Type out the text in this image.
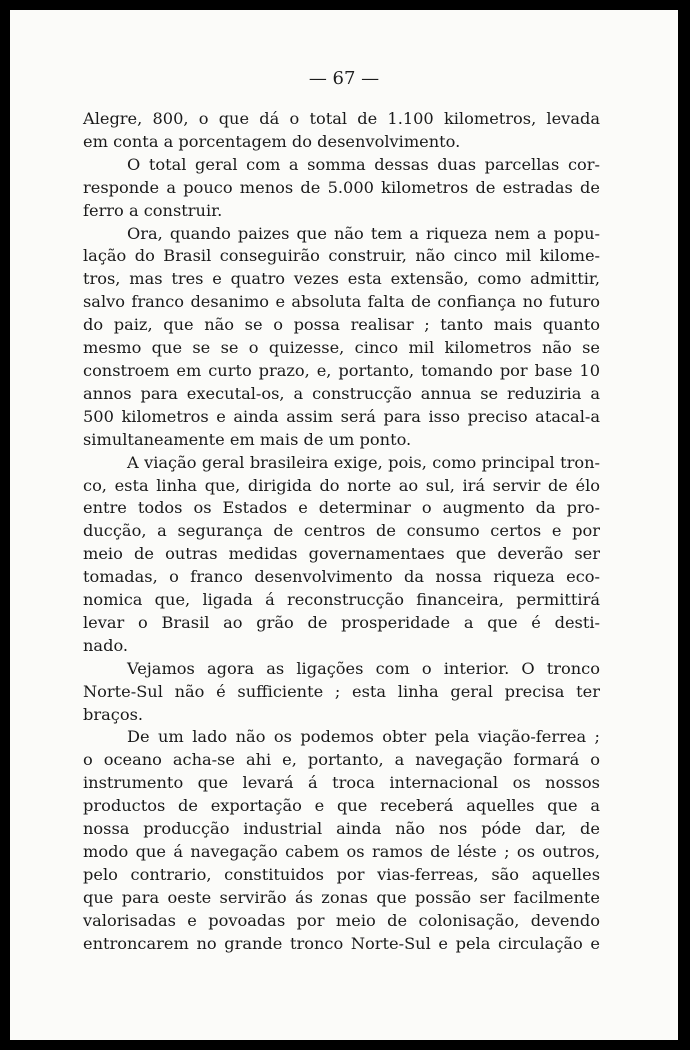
— 67 —

Alegre, 800, o que dá o total de 1.100 kilometros, levada

em conta a porcentagem do desenvolvimento.

O total geral com a somma dessas duas parcellas cor-

responde a pouco menos de 5.000 kilometros de estradas de

ferro a construir.

Ora, quando paizes que não tem a riqueza nem a popu-

lação do Brasil conseguirão construir, não cinco mil kilome-

tros, mas tres e quatro vezes esta extensão, como admittir,

salvo franco desanimo e absoluta falta de confiança no futuro

do paiz, que não se o possa realisar ; tanto mais quanto

mesmo que se se o quizesse, cinco mil kilometros não se

constroem em curto prazo, e, portanto, tomando por base 10

annos para executal-os, a construcção annua se reduziria a

500 kilometros e ainda assim será para isso preciso atacal-a

simultaneamente em mais de um ponto.

A viação geral brasileira exige, pois, como principal tron-

co, esta linha que, dirigida do norte ao sul, irá servir de élo

entre todos os Estados e determinar o augmento da pro-

ducção, a segurança de centros de consumo certos e por

meio de outras medidas governamentaes que deverão ser

tomadas, o franco desenvolvimento da nossa riqueza eco-

nomica que, ligada á reconstrucção financeira, permittirá

levar o Brasil ao grão de prosperidade a que é desti-

nado.

Vejamos agora as ligações com o interior. O tronco

Norte-Sul não é sufficiente ; esta linha geral precisa ter

braços.

De um lado não os podemos obter pela viação-ferrea ;

o oceano acha-se ahi e, portanto, a navegação formará o

instrumento que levará á troca internacional os nossos

productos de exportação e que receberá aquelles que a

nossa producção industrial ainda não nos póde dar, de

modo que á navegação cabem os ramos de léste ; os outros,

pelo contrario, constituidos por vias-ferreas, são aquelles

que para oeste servirão ás zonas que possão ser facilmente

valorisadas e povoadas por meio de colonisação, devendo

entroncarem no grande tronco Norte-Sul e pela circulação e
